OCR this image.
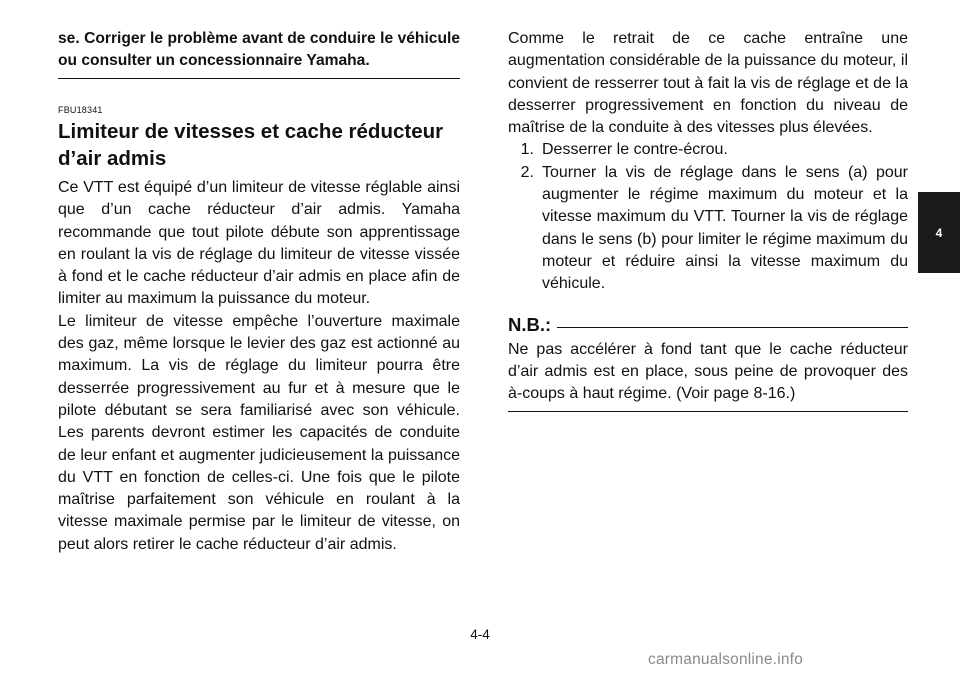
se. Corriger le problème avant de conduire le véhicule ou consulter un concessionnaire Yamaha.

FBU18341
Limiteur de vitesses et cache réducteur d’air admis

Ce VTT est équipé d’un limiteur de vitesse réglable ainsi que d’un cache réducteur d’air admis. Yamaha recommande que tout pilote débute son apprentissage en roulant la vis de réglage du limiteur de vitesse vissée à fond et le cache réducteur d’air admis en place afin de limiter au maximum la puissance du moteur.

Le limiteur de vitesse empêche l’ouverture maximale des gaz, même lorsque le levier des gaz est actionné au maximum. La vis de réglage du limiteur pourra être desserrée progressivement au fur et à mesure que le pilote débutant se sera familiarisé avec son véhicule. Les parents devront estimer les capacités de conduite de leur enfant et augmenter judicieusement la puissance du VTT en fonction de celles-ci. Une fois que le pilote maîtrise parfaitement son véhicule en roulant à la vitesse maximale permise par le limiteur de vitesse, on peut alors retirer le cache réducteur d’air admis.

Comme le retrait de ce cache entraîne une augmentation considérable de la puissance du moteur, il convient de resserrer tout à fait la vis de réglage et de la desserrer progressivement en fonction du niveau de maîtrise de la conduite à des vitesses plus élevées.

1. Desserrer le contre-écrou.
2. Tourner la vis de réglage dans le sens (a) pour augmenter le régime maximum du moteur et la vitesse maximum du VTT. Tourner la vis de réglage dans le sens (b) pour limiter le régime maximum du moteur et réduire ainsi la vitesse maximum du véhicule.
N.B.:

Ne pas accélérer à fond tant que le cache réducteur d’air admis est en place, sous peine de provoquer des à-coups à haut régime. (Voir page 8-16.)

4
4-4
carmanualsonline.info
